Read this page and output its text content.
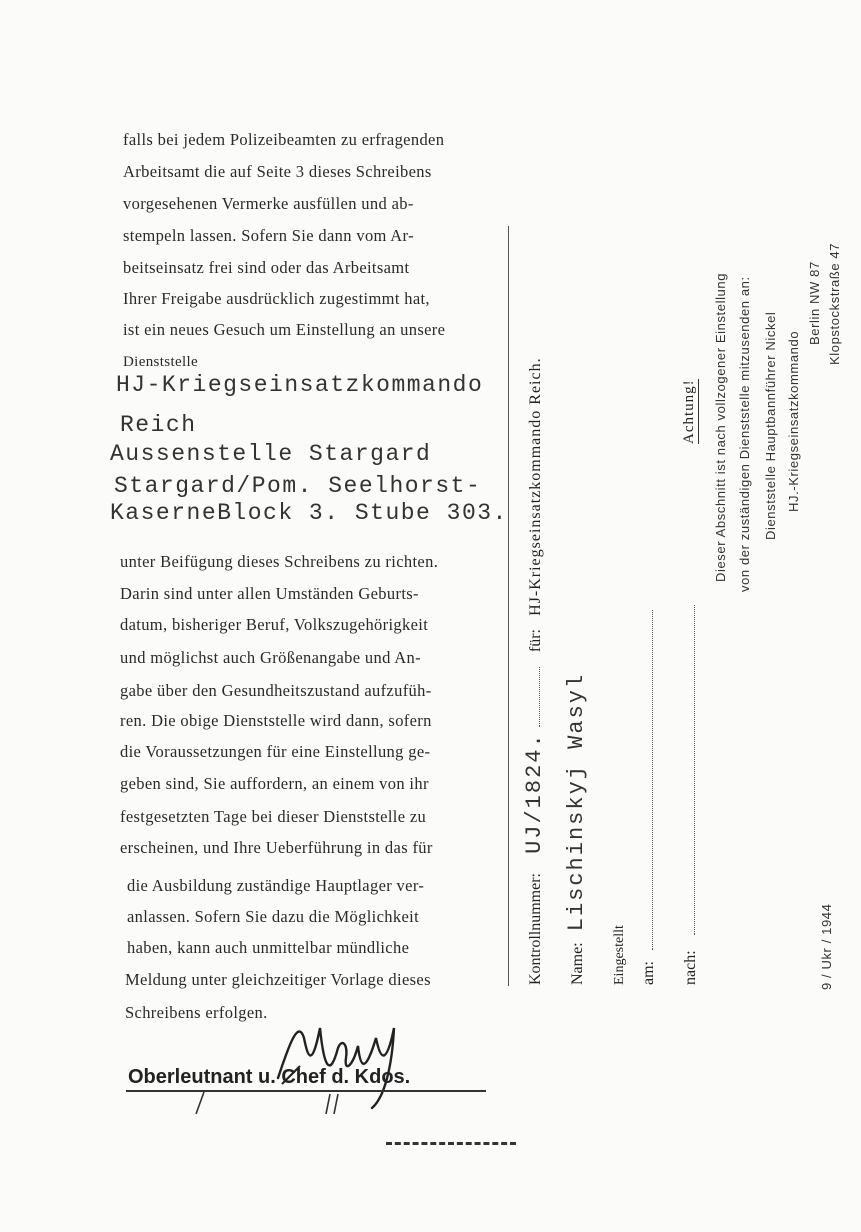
falls bei jedem Polizeibeamten zu erfragenden
Arbeitsamt die auf Seite 3 dieses Schreibens
vorgesehenen Vermerke ausfüllen und ab-
stempeln lassen. Sofern Sie dann vom Ar-
beitseinsatz frei sind oder das Arbeitsamt
Ihrer Freigabe ausdrücklich zugestimmt hat,
ist ein neues Gesuch um Einstellung an unsere
Dienststelle
HJ-Kriegseinsatzkommando
Reich
Aussenstelle Stargard
Stargard/Pom. Seelhorst-
KaserneBlock 3. Stube 303.
unter Beifügung dieses Schreibens zu richten.
Darin sind unter allen Umständen Geburts-
datum, bisheriger Beruf, Volkszugehörigkeit
und möglichst auch Größenangabe und An-
gabe über den Gesundheitszustand aufzufüh-
ren. Die obige Dienststelle wird dann, sofern
die Voraussetzungen für eine Einstellung ge-
geben sind, Sie auffordern, an einem von ihr
festgesetzten Tage bei dieser Dienststelle zu
erscheinen, und Ihre Ueberführung in das für
die Ausbildung zuständige Hauptlager ver-
anlassen. Sofern Sie dazu die Möglichkeit
haben, kann auch unmittelbar mündliche
Meldung unter gleichzeitiger Vorlage dieses
Schreibens erfolgen.
Oberleutnant u. Chef d. Kdos.
Kontrollnummer: UJ/1824.  für: HJ-Kriegseinsatzkommando Reich.
Name: Lischinskyj Wasyl
Eingestellt am: nach:
Achtung! Dieser Abschnitt ist nach vollzogener Einstellung von der zuständigen Dienststelle mitzusenden an: Dienststelle Hauptbannführer Nickel HJ.-Kriegseinsatzkommando
Berlin NW 87 Klopstockstraße 47
9 / Ukr / 1944
